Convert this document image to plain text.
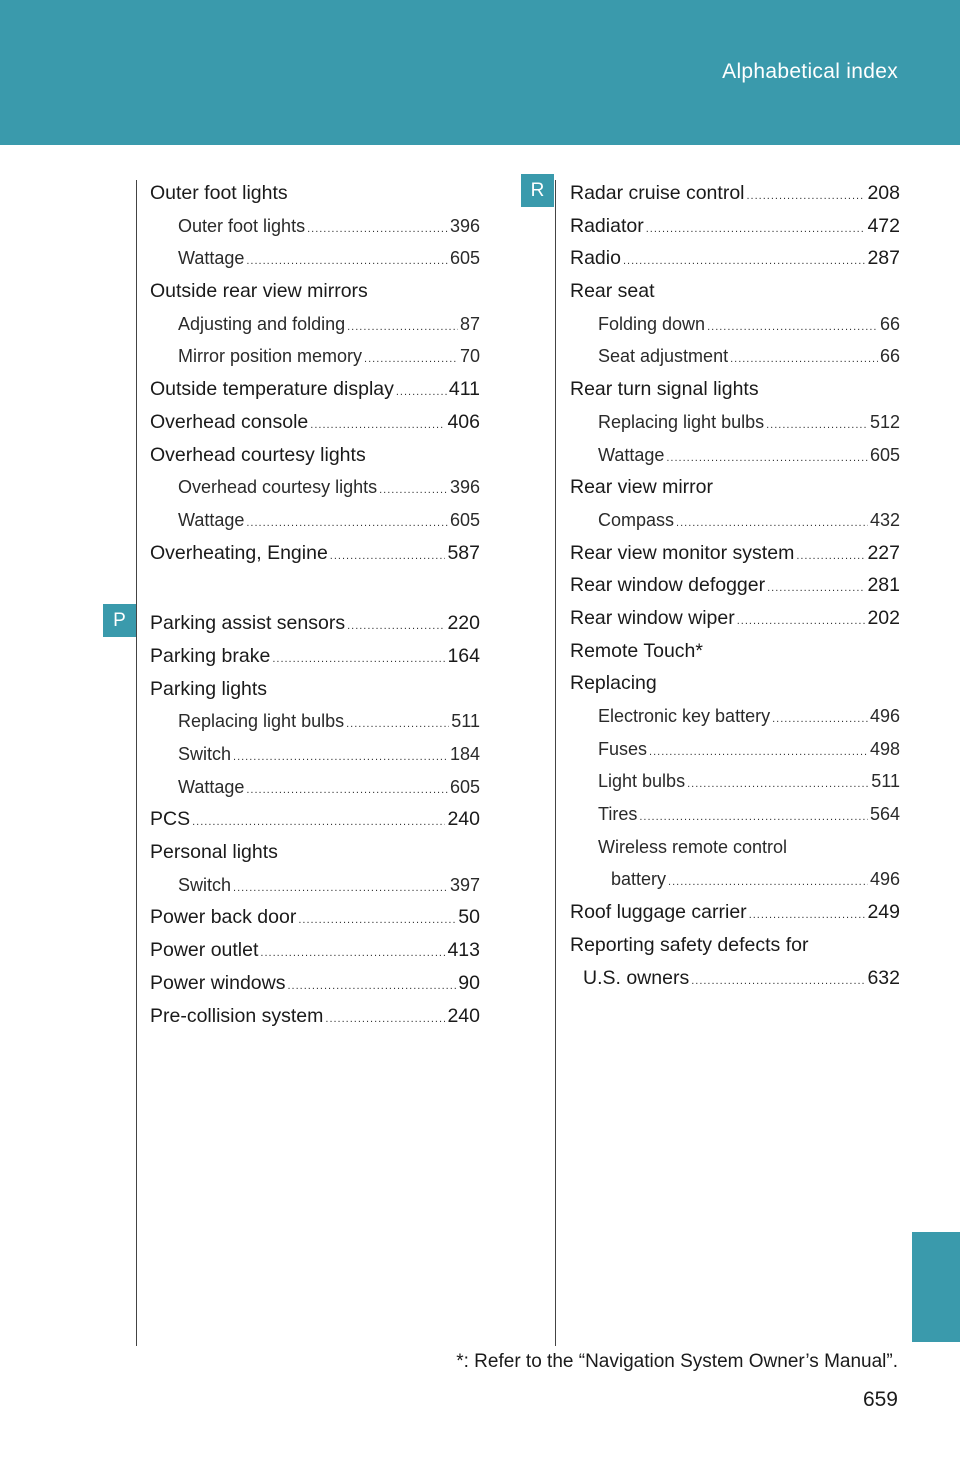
Alphabetical index
P
R
Outer foot lights
Outer foot lights .....	396
Wattage .....	605
Outside rear view mirrors
Adjusting and folding .....	87
Mirror position memory .....	70
Outside temperature display .....	411
Overhead console .....	406
Overhead courtesy lights
Overhead courtesy lights .....	396
Wattage .....	605
Overheating, Engine .....	587
Parking assist sensors .....	220
Parking brake .....	164
Parking lights
Replacing light bulbs .....	511
Switch .....	184
Wattage .....	605
PCS .....	240
Personal lights
Switch .....	397
Power back door .....	50
Power outlet .....	413
Power windows .....	90
Pre-collision system .....	240
Radar cruise control .....	208
Radiator .....	472
Radio .....	287
Rear seat
Folding down .....	66
Seat adjustment .....	66
Rear turn signal lights
Replacing light bulbs .....	512
Wattage .....	605
Rear view mirror
Compass .....	432
Rear view monitor system .....	227
Rear window defogger .....	281
Rear window wiper .....	202
Remote Touch*
Replacing
Electronic key battery .....	496
Fuses .....	498
Light bulbs .....	511
Tires .....	564
Wireless remote control
battery .....	496
Roof luggage carrier .....	249
Reporting safety defects for
U.S. owners .....	632
*: Refer to the “Navigation System Owner’s Manual”.
659
